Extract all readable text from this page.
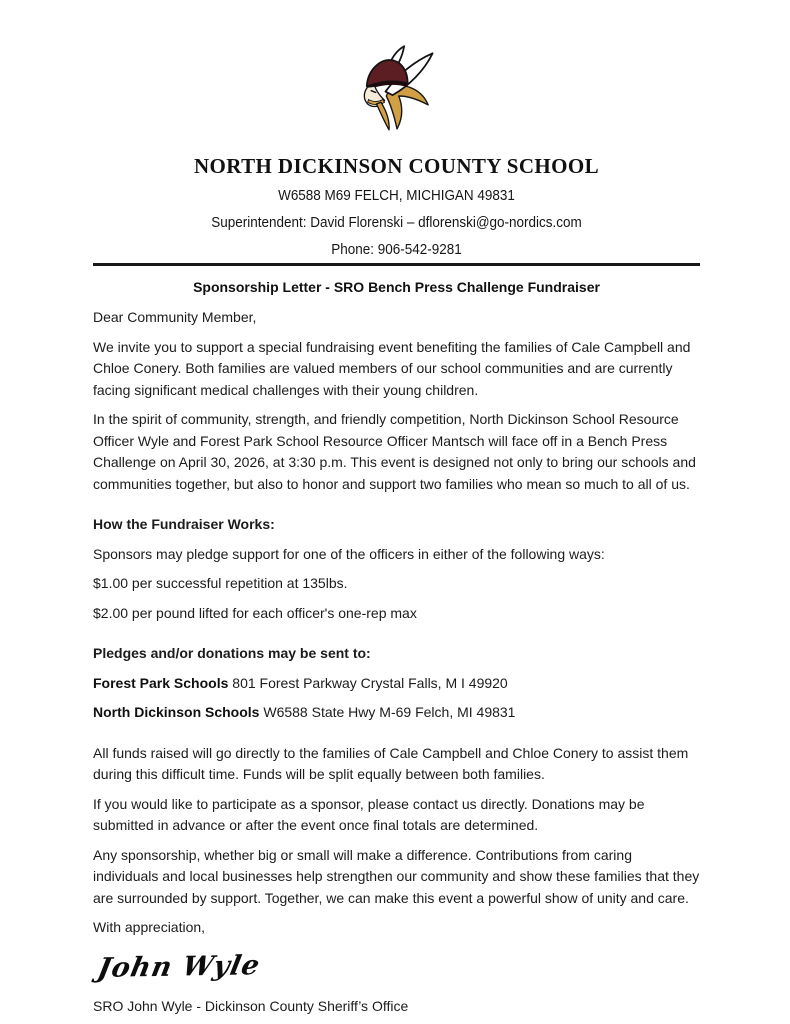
NORTH DICKINSON COUNTY SCHOOL
W6588 M69 FELCH, MICHIGAN 49831
Superintendent: David Florenski – dflorenski@go-nordics.com
Phone: 906-542-9281
Sponsorship Letter - SRO Bench Press Challenge Fundraiser

Dear Community Member,

We invite you to support a special fundraising event benefiting the families of Cale Campbell and Chloe Conery. Both families are valued members of our school communities and are currently facing significant medical challenges with their young children.

In the spirit of community, strength, and friendly competition, North Dickinson School Resource Officer Wyle and Forest Park School Resource Officer Mantsch will face off in a Bench Press Challenge on April 30, 2026, at 3:30 p.m. This event is designed not only to bring our schools and communities together, but also to honor and support two families who mean so much to all of us.

How the Fundraiser Works:

Sponsors may pledge support for one of the officers in either of the following ways:

$1.00 per successful repetition at 135lbs.

$2.00 per pound lifted for each officer's one-rep max

Pledges and/or donations may be sent to:

Forest Park Schools 801 Forest Parkway Crystal Falls, M I 49920

North Dickinson Schools W6588 State Hwy M-69 Felch, MI 49831

All funds raised will go directly to the families of Cale Campbell and Chloe Conery to assist them during this difficult time. Funds will be split equally between both families.

If you would like to participate as a sponsor, please contact us directly. Donations may be submitted in advance or after the event once final totals are determined.

Any sponsorship, whether big or small will make a difference. Contributions from caring individuals and local businesses help strengthen our community and show these families that they are surrounded by support. Together, we can make this event a powerful show of unity and care.

With appreciation,

John Wyle

SRO John Wyle - Dickinson County Sheriff’s Office
